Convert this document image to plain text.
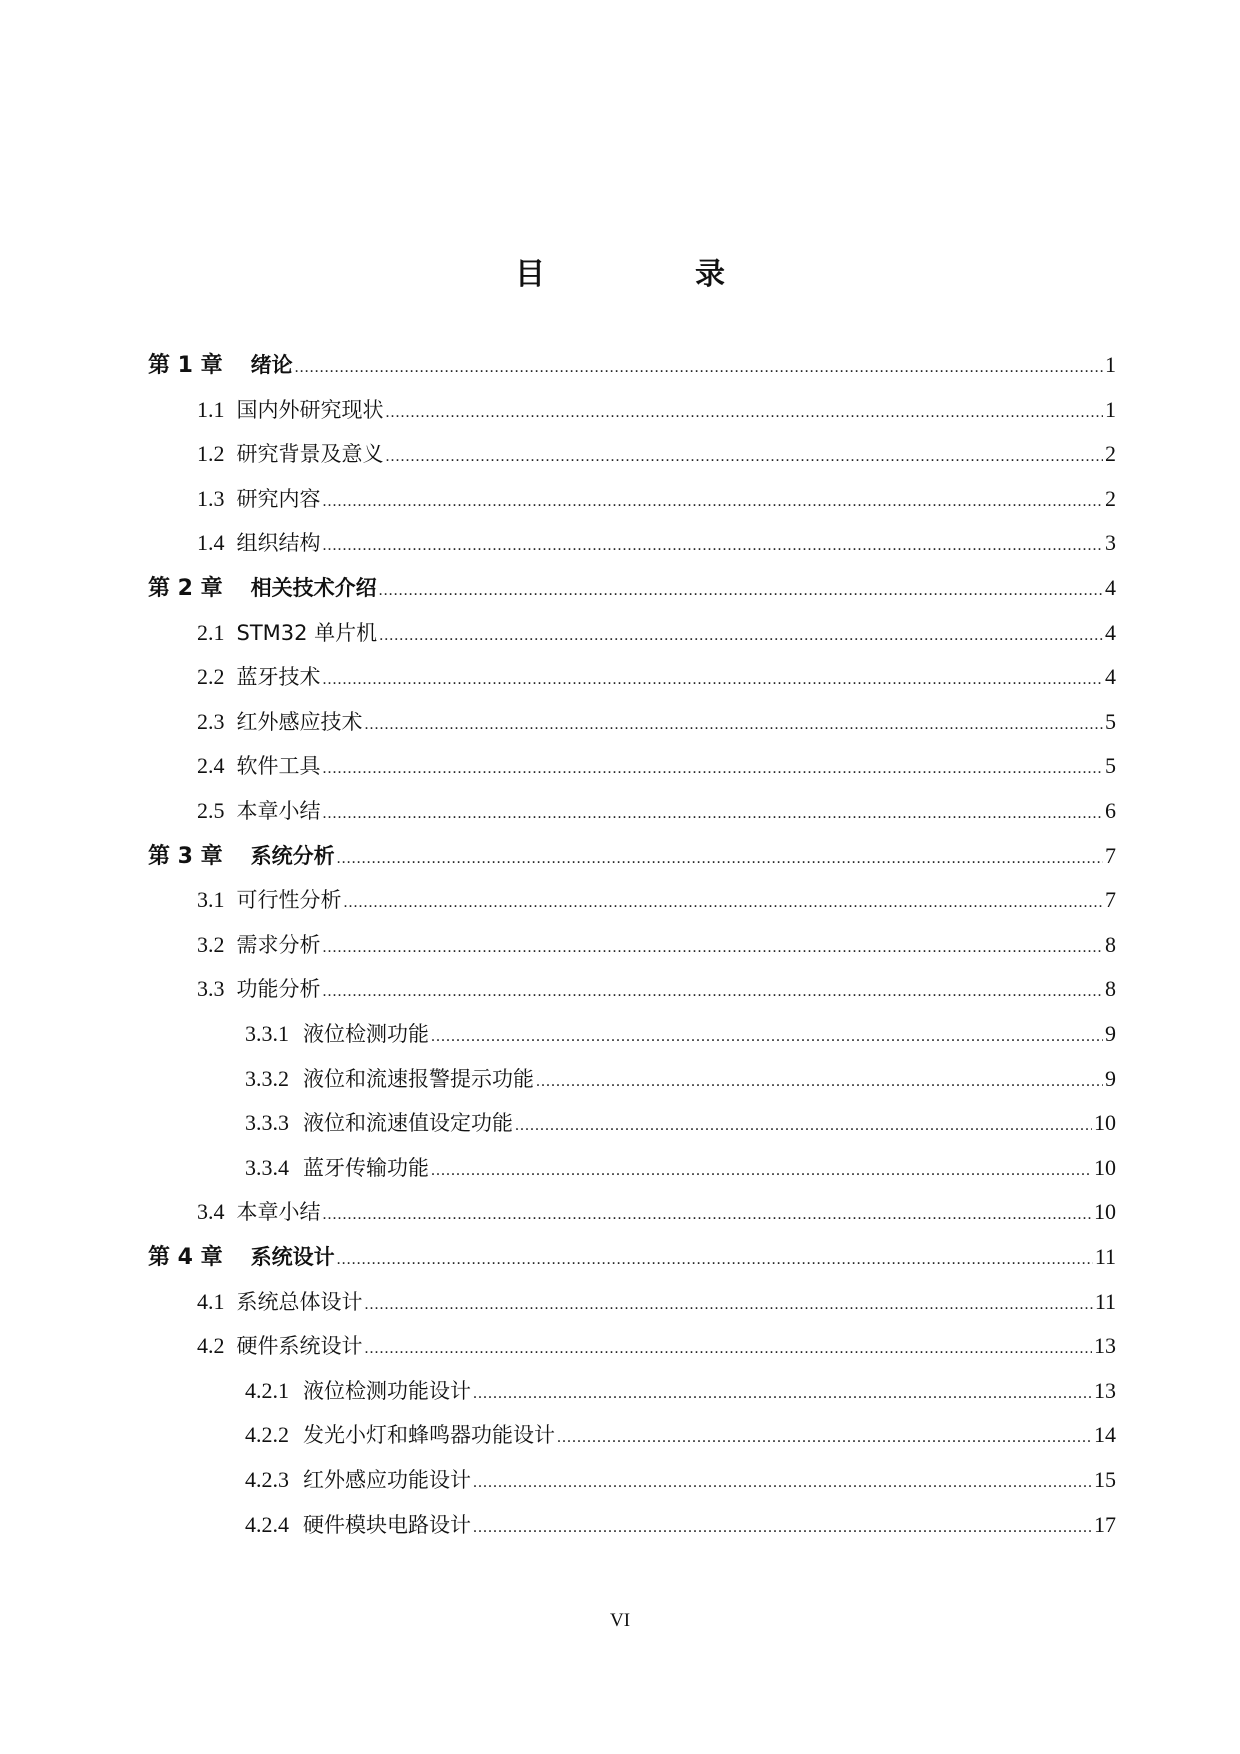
目　录
第 1 章 绪论 .....	1
1.1 国内外研究现状 .....	1
1.2 研究背景及意义 .....	2
1.3 研究内容 .....	2
1.4 组织结构 .....	3
第 2 章 相关技术介绍 .....	4
2.1 STM32 单片机 .....	4
2.2 蓝牙技术 .....	4
2.3 红外感应技术 .....	5
2.4 软件工具 .....	5
2.5 本章小结 .....	6
第 3 章 系统分析 .....	7
3.1 可行性分析 .....	7
3.2 需求分析 .....	8
3.3 功能分析 .....	8
3.3.1 液位检测功能 .....	9
3.3.2 液位和流速报警提示功能 .....	9
3.3.3 液位和流速值设定功能 .....	10
3.3.4 蓝牙传输功能 .....	10
3.4 本章小结 .....	10
第 4 章 系统设计 .....	11
4.1 系统总体设计 .....	11
4.2 硬件系统设计 .....	13
4.2.1 液位检测功能设计 .....	13
4.2.2 发光小灯和蜂鸣器功能设计 .....	14
4.2.3 红外感应功能设计 .....	15
4.2.4 硬件模块电路设计 .....	17
VI
